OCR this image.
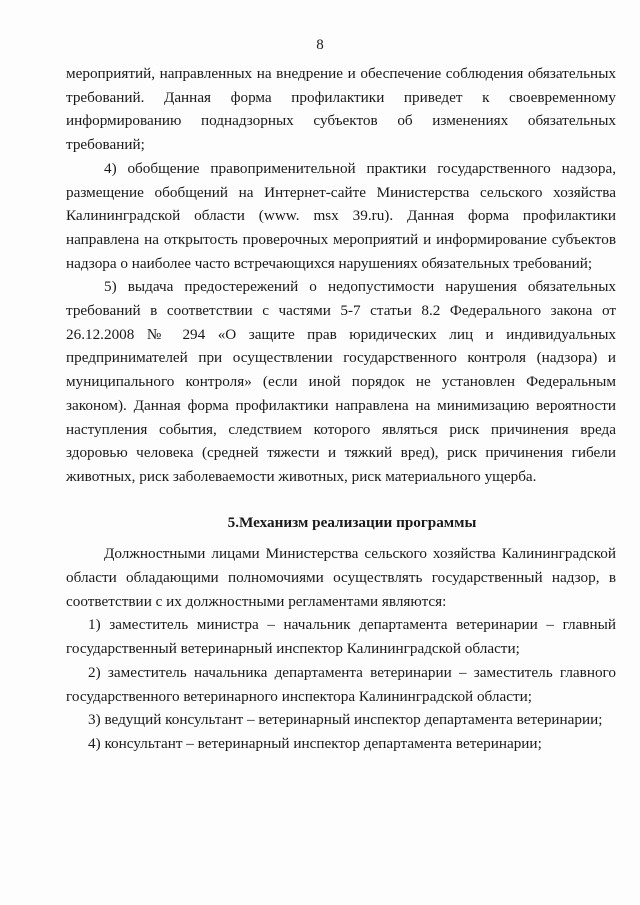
8

мероприятий, направленных на внедрение и обеспечение соблюдения обязательных требований. Данная форма профилактики приведет к своевременному информированию поднадзорных субъектов об изменениях обязательных требований;

4) обобщение правоприменительной практики государственного надзора, размещение обобщений на Интернет-сайте Министерства сельского хозяйства Калининградской области (www. msx 39.ru). Данная форма профилактики направлена на открытость проверочных мероприятий и информирование субъектов надзора о наиболее часто встречающихся нарушениях обязательных требований;

5) выдача предостережений о недопустимости нарушения обязательных требований в соответствии с частями 5-7 статьи 8.2 Федерального закона от 26.12.2008 № 294 «О защите прав юридических лиц и индивидуальных предпринимателей при осуществлении государственного контроля (надзора) и муниципального контроля» (если иной порядок не установлен Федеральным законом). Данная форма профилактики направлена на минимизацию вероятности наступления события, следствием которого являться риск причинения вреда здоровью человека (средней тяжести и тяжкий вред), риск причинения гибели животных, риск заболеваемости животных, риск материального ущерба.

5.Механизм реализации программы

Должностными лицами Министерства сельского хозяйства Калининградской области обладающими полномочиями осуществлять государственный надзор, в соответствии с их должностными регламентами являются:

1) заместитель министра – начальник департамента ветеринарии – главный государственный ветеринарный инспектор Калининградской области;

2) заместитель начальника департамента ветеринарии – заместитель главного государственного ветеринарного инспектора Калининградской области;

3) ведущий консультант – ветеринарный инспектор департамента ветеринарии;

4) консультант – ветеринарный инспектор департамента ветеринарии;
